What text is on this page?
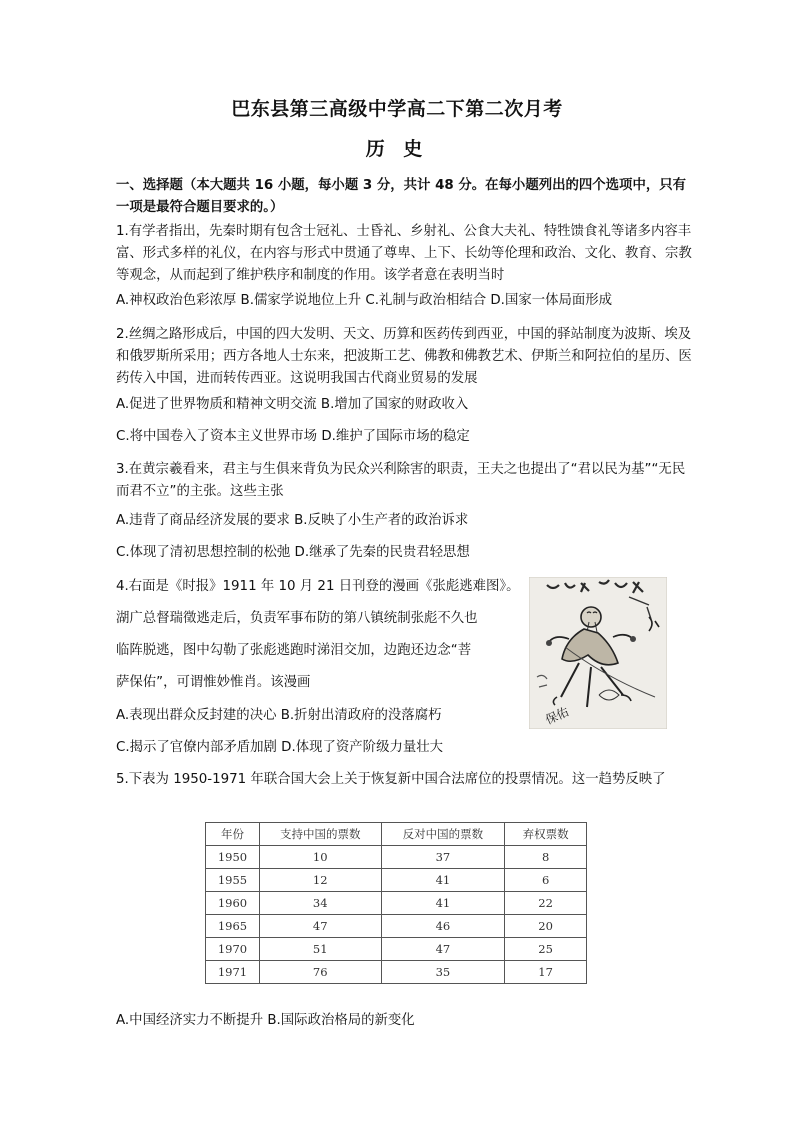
巴东县第三高级中学高二下第二次月考
历 史
一、选择题（本大题共 16 小题，每小题 3 分，共计 48 分。在每小题列出的四个选项中，只有一项是最符合题目要求的。）
1.有学者指出，先秦时期有包含士冠礼、士昏礼、乡射礼、公食大夫礼、特牲馈食礼等诸多内容丰富、形式多样的礼仪，在内容与形式中贯通了尊卑、上下、长幼等伦理和政治、文化、教育、宗教等观念，从而起到了维护秩序和制度的作用。该学者意在表明当时
A.神权政治色彩浓厚 B.儒家学说地位上升 C.礼制与政治相结合 D.国家一体局面形成
2.丝绸之路形成后，中国的四大发明、天文、历算和医药传到西亚，中国的驿站制度为波斯、埃及和俄罗斯所采用；西方各地人士东来，把波斯工艺、佛教和佛教艺术、伊斯兰和阿拉伯的星历、医药传入中国，进而转传西亚。这说明我国古代商业贸易的发展
A.促进了世界物质和精神文明交流 B.增加了国家的财政收入
C.将中国卷入了资本主义世界市场 D.维护了国际市场的稳定
3.在黄宗羲看来，君主与生俱来背负为民众兴利除害的职责，王夫之也提出了“君以民为基”“无民而君不立”的主张。这些主张
A.违背了商品经济发展的要求 B.反映了小生产者的政治诉求
C.体现了清初思想控制的松弛 D.继承了先秦的民贵君轻思想
4.右面是《时报》1911 年 10 月 21 日刊登的漫画《张彪逃难图》。
湖广总督瑞徵逃走后，负责军事布防的第八镇统制张彪不久也
临阵脱逃，图中勾勒了张彪逃跑时涕泪交加，边跑还边念“菩
萨保佑”，可谓惟妙惟肖。该漫画
A.表现出群众反封建的决心 B.折射出清政府的没落腐朽
C.揭示了官僚内部矛盾加剧 D.体现了资产阶级力量壮大
保佑
5.下表为 1950-1971 年联合国大会上关于恢复新中国合法席位的投票情况。这一趋势反映了
年份	支持中国的票数	反对中国的票数	弃权票数
1950	10	37	8
1955	12	41	6
1960	34	41	22
1965	47	46	20
1970	51	47	25
1971	76	35	17
A.中国经济实力不断提升 B.国际政治格局的新变化
